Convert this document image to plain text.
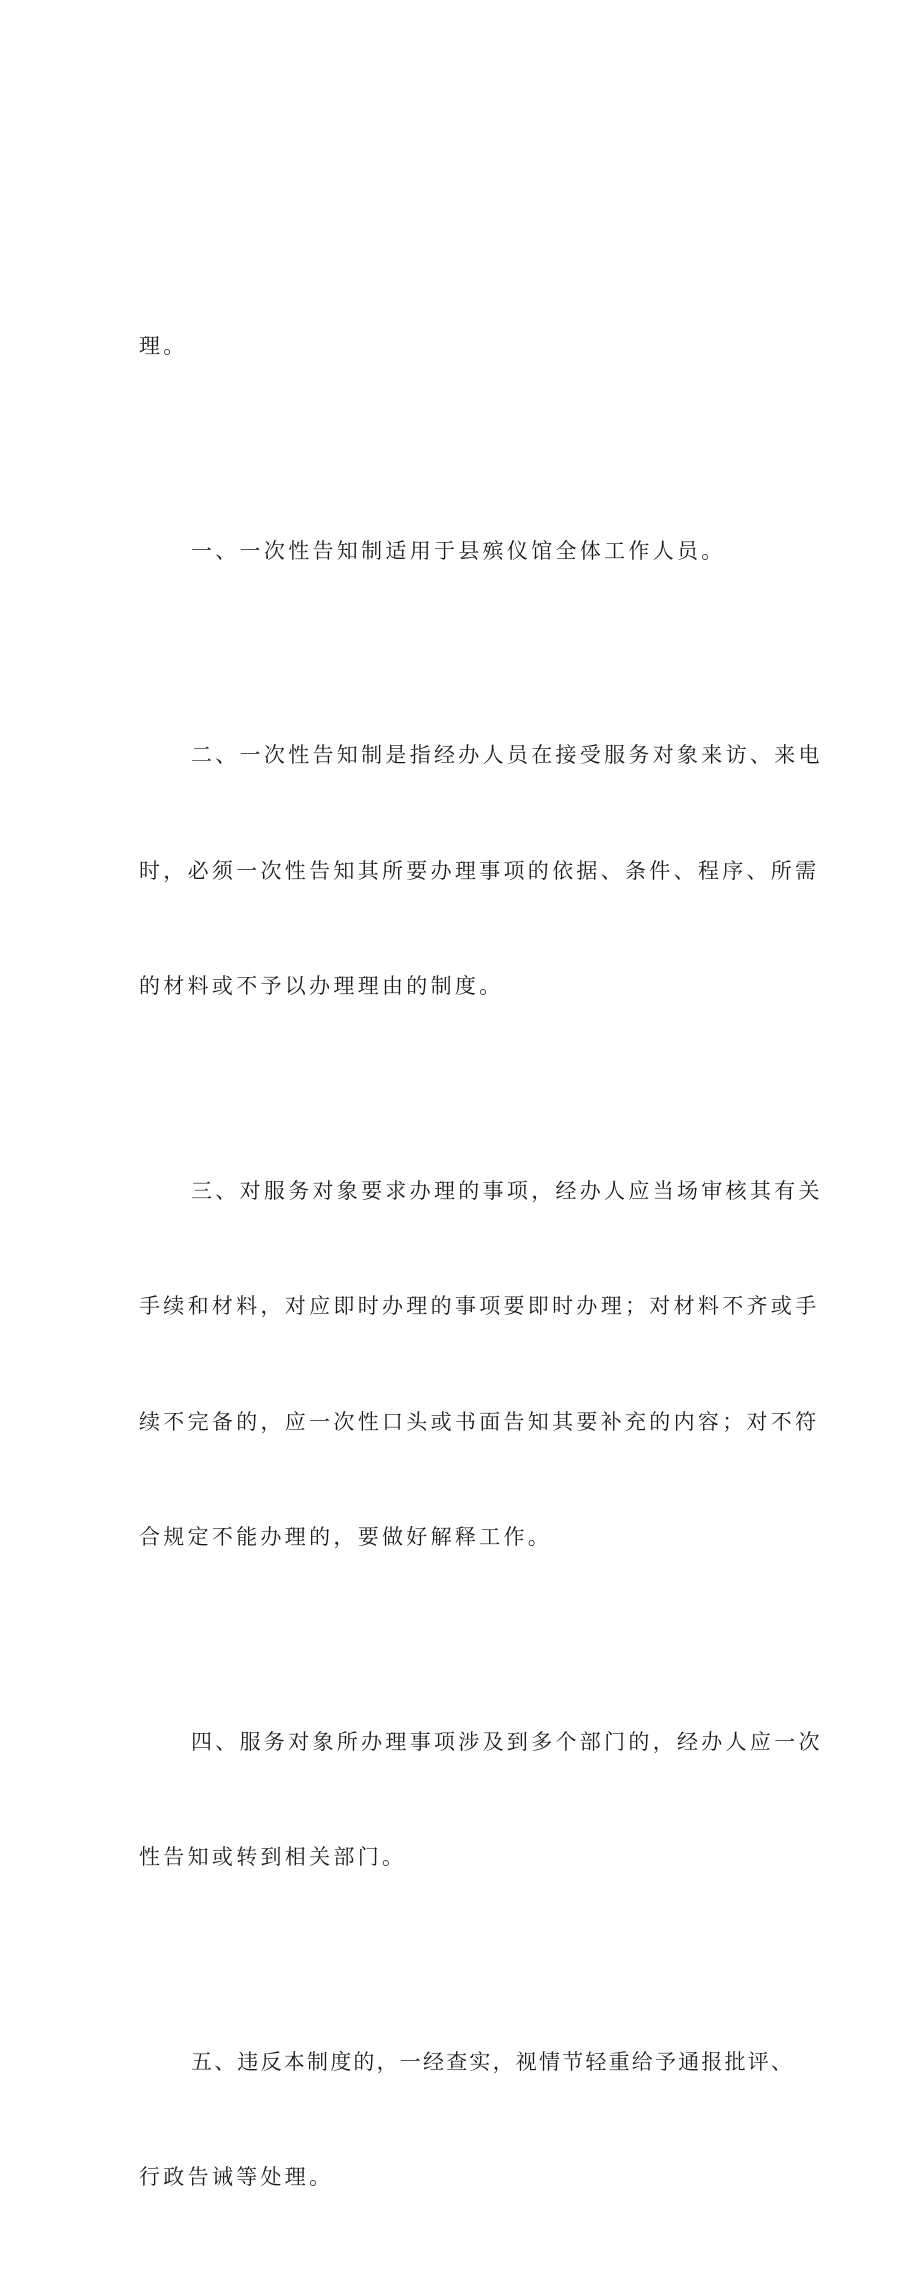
理。

一、一次性告知制适用于县殡仪馆全体工作人员。

二、一次性告知制是指经办人员在接受服务对象来访、来电

时，必须一次性告知其所要办理事项的依据、条件、程序、所需

的材料或不予以办理理由的制度。

三、对服务对象要求办理的事项，经办人应当场审核其有关

手续和材料，对应即时办理的事项要即时办理；对材料不齐或手

续不完备的，应一次性口头或书面告知其要补充的内容；对不符

合规定不能办理的，要做好解释工作。

四、服务对象所办理事项涉及到多个部门的，经办人应一次

性告知或转到相关部门。

五、违反本制度的，一经查实，视情节轻重给予通报批评、

行政告诫等处理。
